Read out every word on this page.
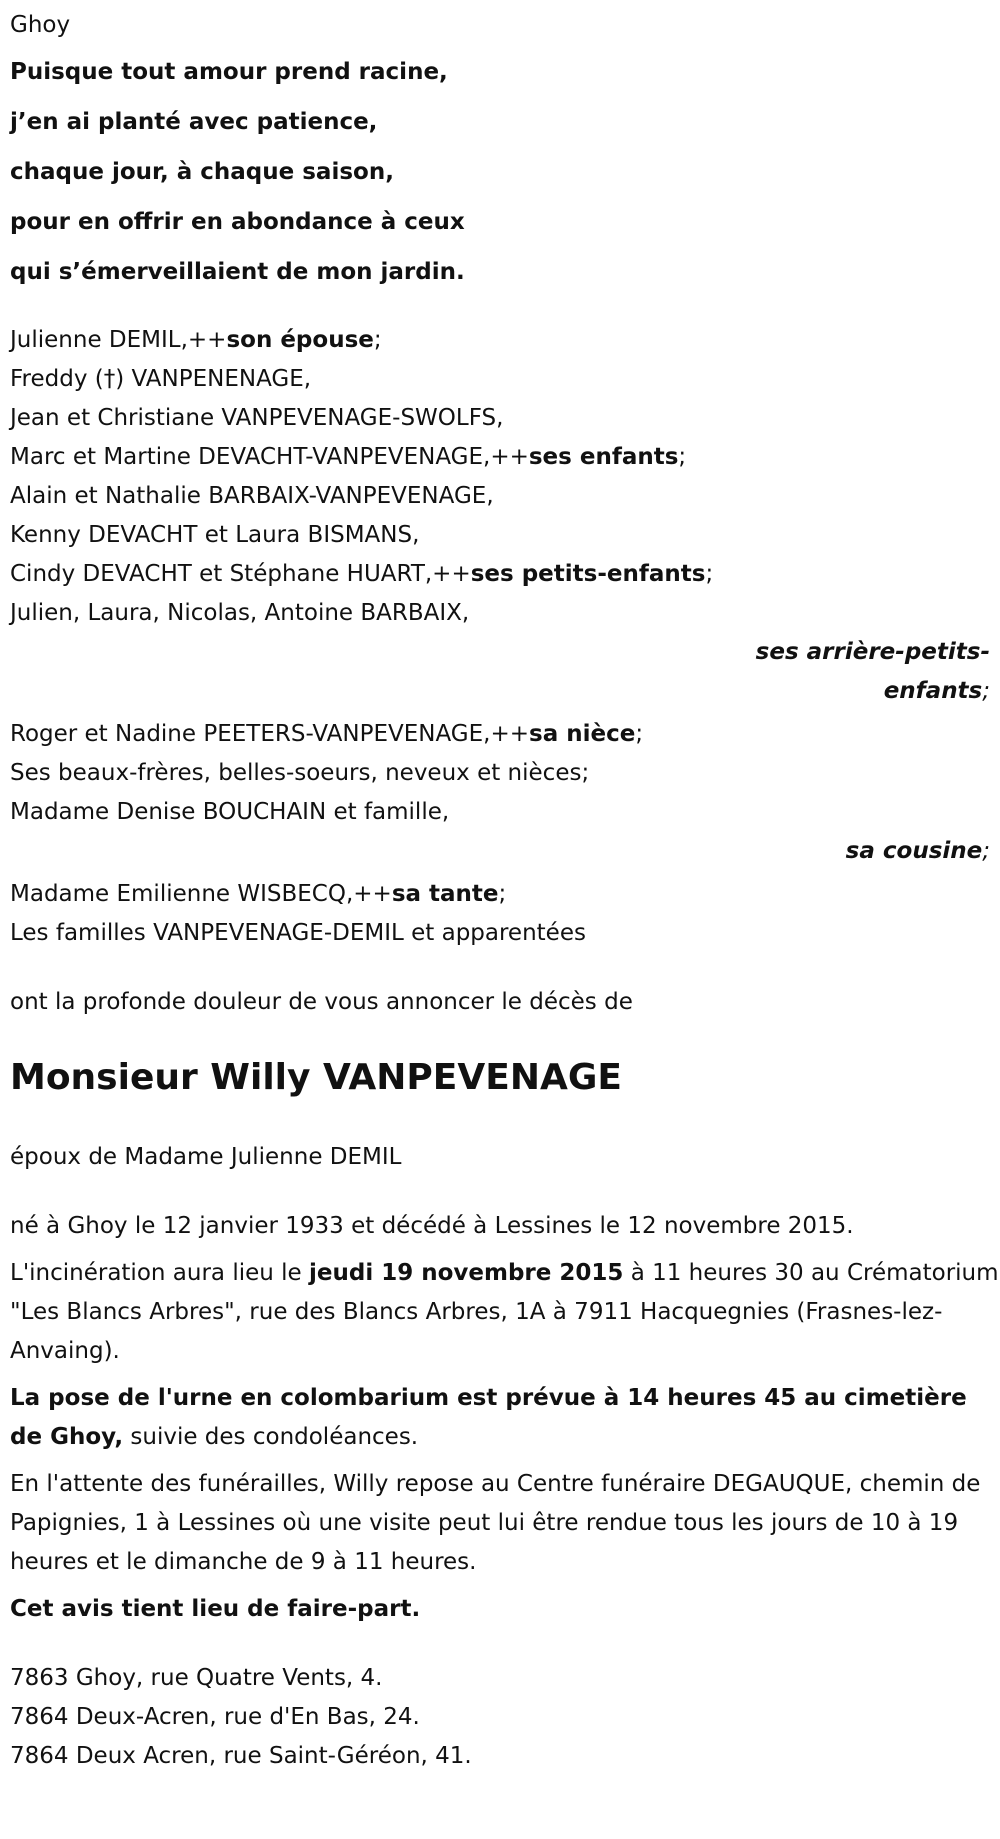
Ghoy

Puisque tout amour prend racine,

j’en ai planté avec patience,

chaque jour, à chaque saison,

pour en offrir en abondance à ceux

qui s’émerveillaient de mon jardin.

Julienne DEMIL,++son épouse;

Freddy (†) VANPENENAGE,

Jean et Christiane VANPEVENAGE-SWOLFS,

Marc et Martine DEVACHT-VANPEVENAGE,++ses enfants;

Alain et Nathalie BARBAIX-VANPEVENAGE,

Kenny DEVACHT et Laura BISMANS,

Cindy DEVACHT et Stéphane HUART,++ses petits-enfants;

Julien, Laura, Nicolas, Antoine BARBAIX,

ses arrière-petits-
enfants;

Roger et Nadine PEETERS-VANPEVENAGE,++sa nièce;

Ses beaux-frères, belles-soeurs, neveux et nièces;

Madame Denise BOUCHAIN et famille,

sa cousine;

Madame Emilienne WISBECQ,++sa tante;

Les familles VANPEVENAGE-DEMIL et apparentées

ont la profonde douleur de vous annoncer le décès de

Monsieur Willy VANPEVENAGE

époux de Madame Julienne DEMIL

né à Ghoy le 12 janvier 1933 et décédé à Lessines le 12 novembre 2015.

L'incinération aura lieu le jeudi 19 novembre 2015 à 11 heures 30 au Crématorium "Les Blancs Arbres", rue des Blancs Arbres, 1A à 7911 Hacquegnies (Frasnes-lez-Anvaing).

La pose de l'urne en colombarium est prévue à 14 heures 45 au cimetière de Ghoy, suivie des condoléances.

En l'attente des funérailles, Willy repose au Centre funéraire DEGAUQUE, chemin de Papignies, 1 à Lessines où une visite peut lui être rendue tous les jours de 10 à 19 heures et le dimanche de 9 à 11 heures.

Cet avis tient lieu de faire-part.

7863 Ghoy, rue Quatre Vents, 4.

7864 Deux-Acren, rue d'En Bas, 24.

7864 Deux Acren, rue Saint-Géréon, 41.
